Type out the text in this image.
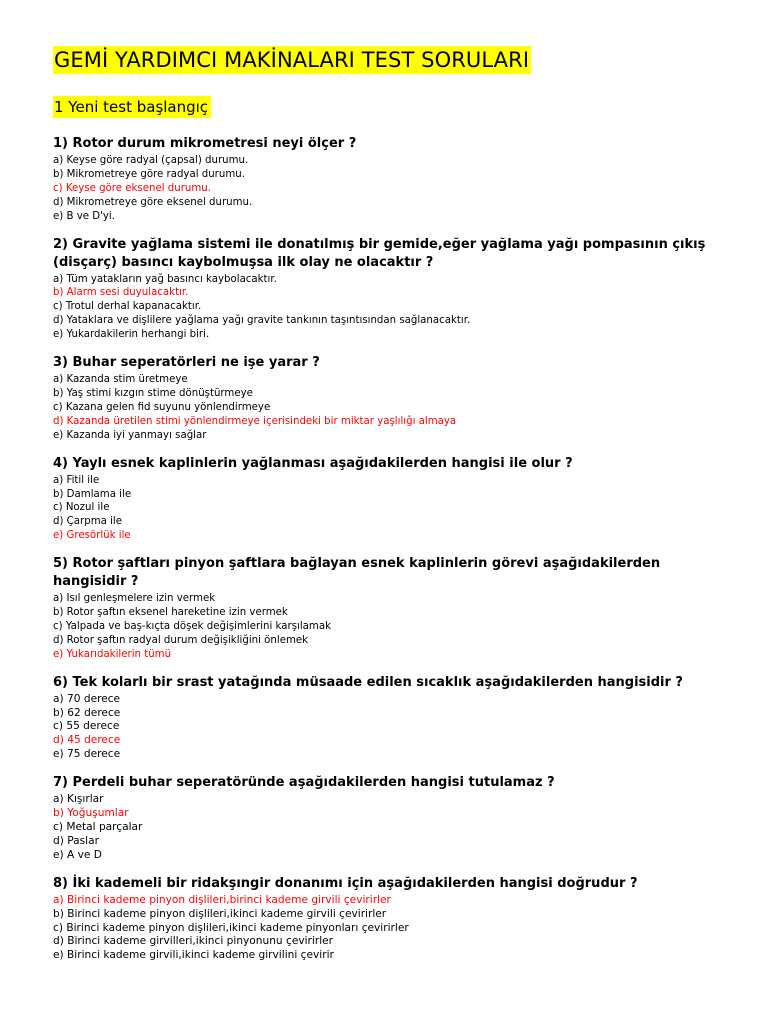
GEMİ YARDIMCI MAKİNALARI TEST SORULARI
1 Yeni test başlangıç
1) Rotor durum mikrometresi neyi ölçer ?
a) Keyse göre radyal (çapsal) durumu.
b) Mikrometreye göre radyal durumu.
c) Keyse göre eksenel durumu.
d) Mikrometreye göre eksenel durumu.
e) B ve D'yi.
2) Gravite yağlama sistemi ile donatılmış bir gemide,eğer yağlama yağı pompasının çıkış (disçarç) basıncı kaybolmuşsa ilk olay ne olacaktır ?
a) Tüm yatakların yağ basıncı kaybolacaktır.
b) Alarm sesi duyulacaktır.
c) Trotul derhal kapanacaktır.
d) Yataklara ve dişlilere yağlama yağı gravite tankının taşıntısından sağlanacaktır.
e) Yukardakilerin herhangi biri.
3) Buhar seperatörleri ne işe yarar ?
a) Kazanda stim üretmeye
b) Yaş stimi kızgın stime dönüştürmeye
c) Kazana gelen fid suyunu yönlendirmeye
d) Kazanda üretilen stimi yönlendirmeye içerisindeki bir miktar yaşlılığı almaya
e) Kazanda iyi yanmayı sağlar
4) Yaylı esnek kaplinlerin yağlanması aşağıdakilerden hangisi ile olur ?
a) Fitil ile
b) Damlama ile
c) Nozul ile
d) Çarpma ile
e) Gresörlük ile
5) Rotor şaftları pinyon şaftlara bağlayan esnek kaplinlerin görevi aşağıdakilerden hangisidir ?
a) Isıl genleşmelere izin vermek
b) Rotor şaftın eksenel hareketine izin vermek
c) Yalpada ve baş-kıçta döşek değişimlerini karşılamak
d) Rotor şaftın radyal durum değişikliğini önlemek
e) Yukarıdakilerin tümü
6) Tek kolarlı bir srast yatağında müsaade edilen sıcaklık aşağıdakilerden hangisidir ?
a) 70 derece
b) 62 derece
c) 55 derece
d) 45 derece
e) 75 derece
7) Perdeli buhar seperatöründe aşağıdakilerden hangisi tutulamaz ?
a) Kışırlar
b) Yoğuşumlar
c) Metal parçalar
d) Paslar
e) A ve D
8) İki kademeli bir ridakşıngir donanımı için aşağıdakilerden hangisi doğrudur ?
a) Birinci kademe pinyon dişlileri,birinci kademe girvili çevirirler
b) Birinci kademe pinyon dişlileri,ikinci kademe girvili çevirirler
c) Birinci kademe pinyon dişlileri,ikinci kademe pinyonları çevirirler
d) Birinci kademe girvilleri,ikinci pinyonunu çevirirler
e) Birinci kademe girvili,ikinci kademe girvilini çevirir
